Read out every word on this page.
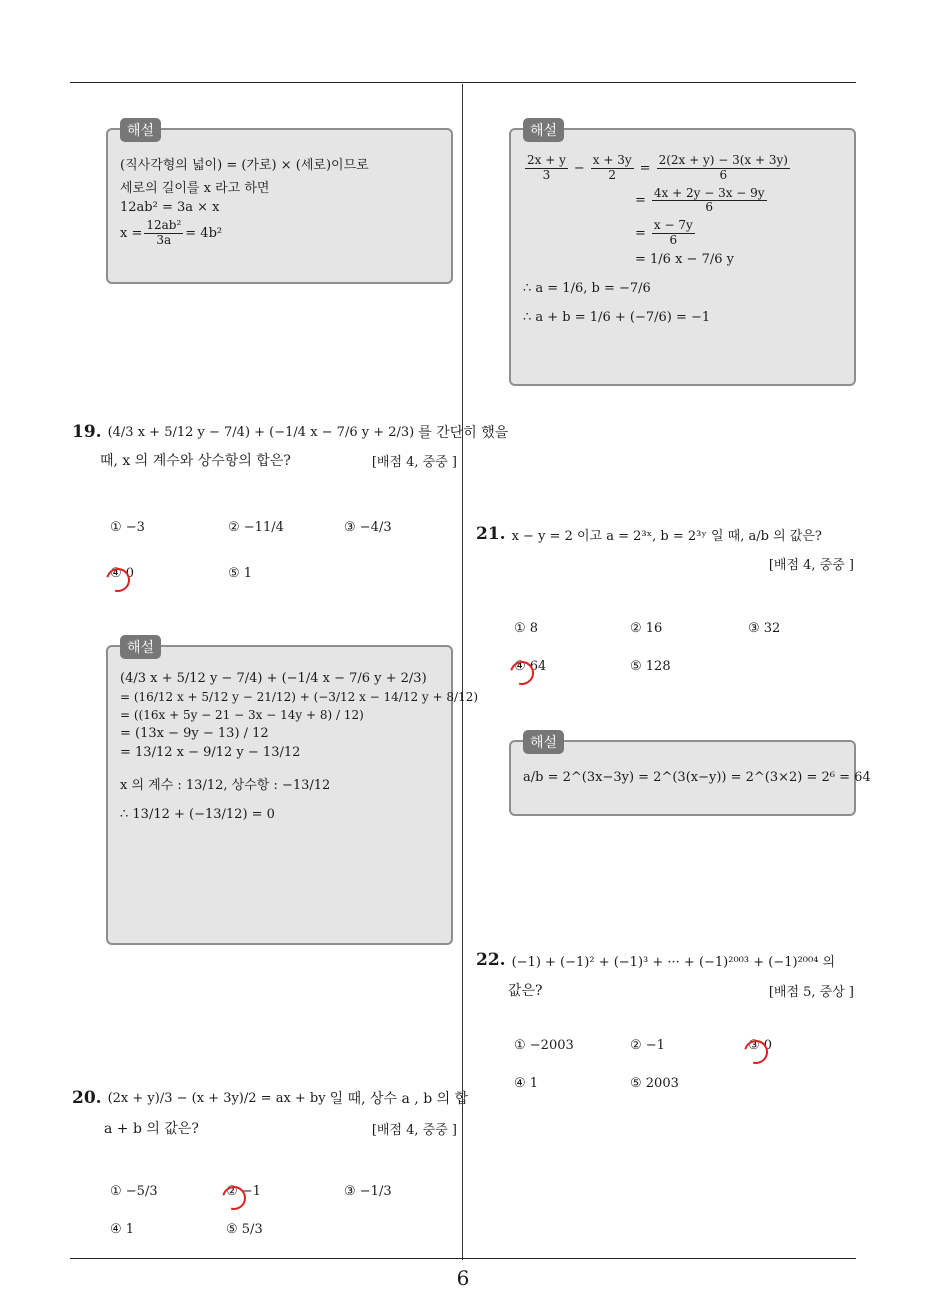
6
해설
(직사각형의 넓이) = (가로) × (세로)이므로
세로의 길이를 x 라고 하면
12ab² = 3a × x
$x = \frac{\text{12ab²}}{3a} = 4b^2$
해설
$\frac{2x + y}{3} - \frac{x + 3y}{2} = \frac{2(2x + y) - 3(x + 3y)}{6}$
= $\frac{4x + 2y - 3x - 9y}{6}$
= $\frac{x - 7y}{6}$
= 1/6 x − 7/6 y
∴ a = 1/6, b = −7/6
∴ a + b = 1/6 + (−7/6) = −1
19. (4/3 x + 5/12 y − 7/4) + (−1/4 x − 7/6 y + 2/3) 를 간단히 했을
때, x 의 계수와 상수항의 합은?	[배점 4, 중중 ]
① −3	② −11/4	③ −4/3
④ 0	⑤ 1
해설
(4/3 x + 5/12 y − 7/4) + (−1/4 x − 7/6 y + 2/3)
= (16/12 x + 5/12 y − 21/12) + (−3/12 x − 14/12 y + 8/12)
= ((16x + 5y − 21 − 3x − 14y + 8) / 12)
= (13x − 9y − 13) / 12
= 13/12 x − 9/12 y − 13/12
x 의 계수 : 13/12, 상수항 : −13/12
∴ 13/12 + (−13/12) = 0
20. (2x + y)/3 − (x + 3y)/2 = ax + by 일 때, 상수 a , b 의 합
a + b 의 값은?	[배점 4, 중중 ]
① −5/3	② −1	③ −1/3
④ 1	⑤ 5/3
21. x − y = 2 이고 a = 2³ˣ, b = 2³ʸ 일 때, a/b 의 값은?
[배점 4, 중중 ]
① 8	② 16	③ 32
④ 64	⑤ 128
해설
a/b = 2^(3x−3y) = 2^(3(x−y)) = 2^(3×2) = 2⁶ = 64
22. (−1) + (−1)² + (−1)³ + ··· + (−1)²⁰⁰³ + (−1)²⁰⁰⁴ 의
값은?	[배점 5, 중상 ]
① −2003	② −1	③ 0
④ 1	⑤ 2003
